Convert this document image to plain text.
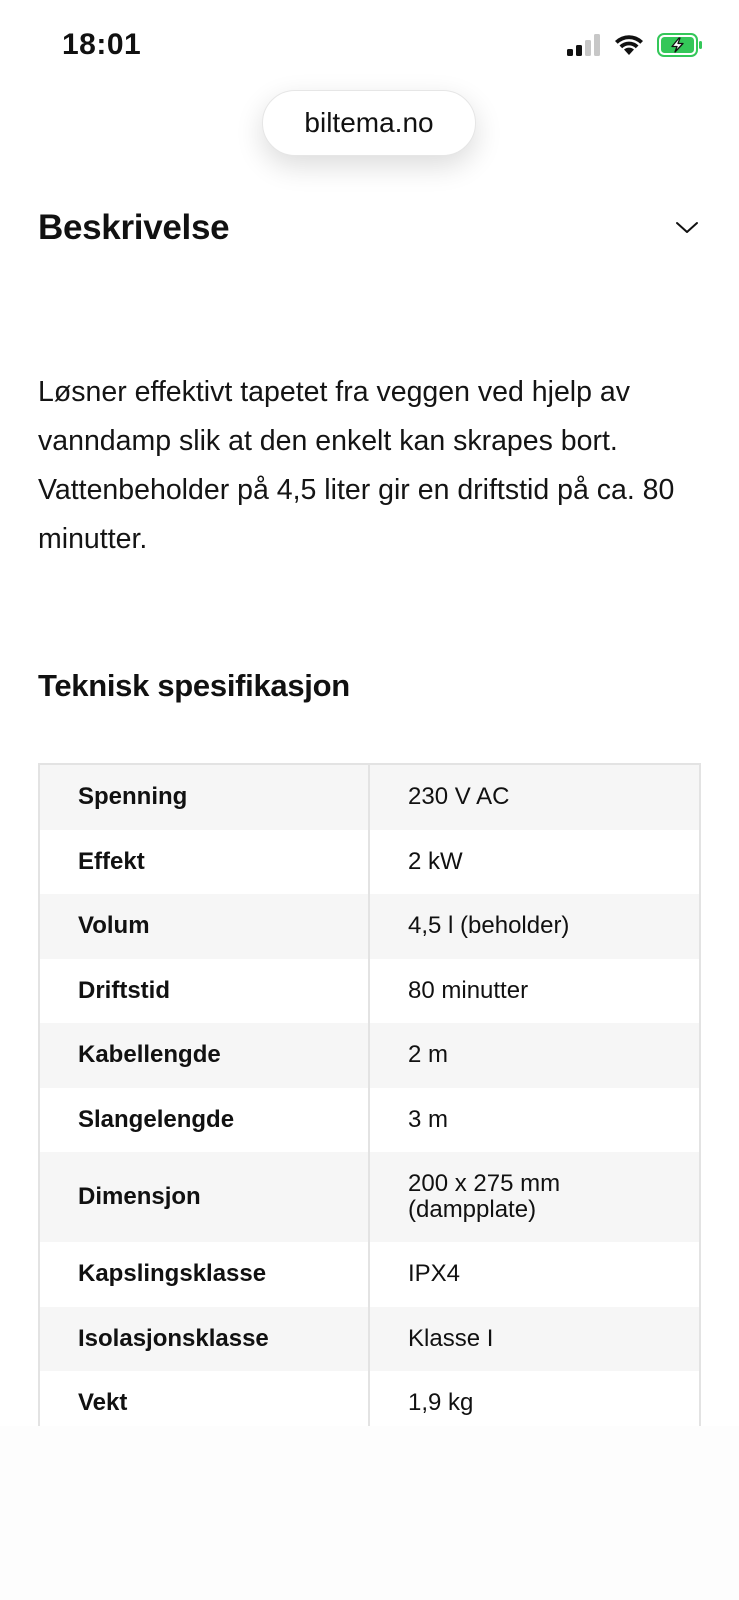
18:01
biltema.no
Beskrivelse

Løsner effektivt tapetet fra veggen ved hjelp av vanndamp slik at den enkelt kan skrapes bort. Vattenbeholder på 4,5 liter gir en driftstid på ca. 80 minutter.

Teknisk spesifikasjon
Spenning	230 V AC
Effekt	2 kW
Volum	4,5 l (beholder)
Driftstid	80 minutter
Kabellengde	2 m
Slangelengde	3 m
Dimensjon	200 x 275 mm (dampplate)
Kapslingsklasse	IPX4
Isolasjonsklasse	Klasse I
Vekt	1,9 kg
